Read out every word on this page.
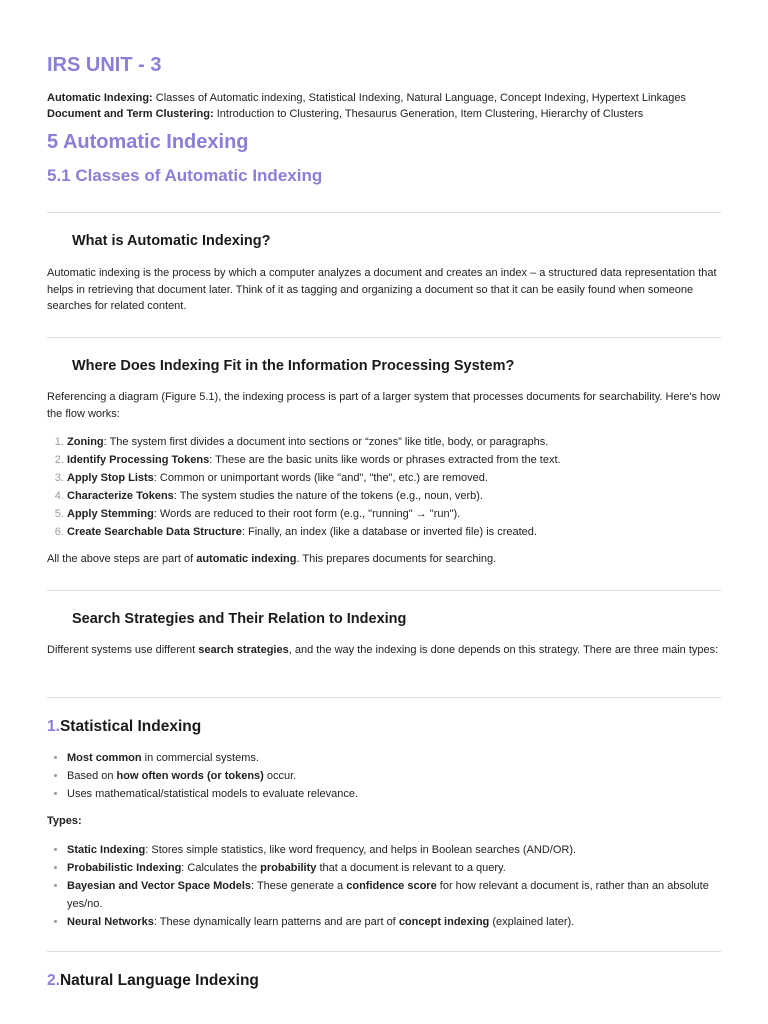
IRS UNIT - 3
Automatic Indexing: Classes of Automatic indexing, Statistical Indexing, Natural Language, Concept Indexing, Hypertext Linkages
Document and Term Clustering: Introduction to Clustering, Thesaurus Generation, Item Clustering, Hierarchy of Clusters
5 Automatic Indexing
5.1 Classes of Automatic Indexing
What is Automatic Indexing?

Automatic indexing is the process by which a computer analyzes a document and creates an index – a structured data representation that helps in retrieving that document later. Think of it as tagging and organizing a document so that it can be easily found when someone searches for related content.

Where Does Indexing Fit in the Information Processing System?

Referencing a diagram (Figure 5.1), the indexing process is part of a larger system that processes documents for searchability. Here's how the flow works:

1. Zoning: The system first divides a document into sections or “zones” like title, body, or paragraphs.
2. Identify Processing Tokens: These are the basic units like words or phrases extracted from the text.
3. Apply Stop Lists: Common or unimportant words (like "and", "the", etc.) are removed.
4. Characterize Tokens: The system studies the nature of the tokens (e.g., noun, verb).
5. Apply Stemming: Words are reduced to their root form (e.g., "running" → "run").
6. Create Searchable Data Structure: Finally, an index (like a database or inverted file) is created.

All the above steps are part of automatic indexing. This prepares documents for searching.

Search Strategies and Their Relation to Indexing

Different systems use different search strategies, and the way the indexing is done depends on this strategy. There are three main types:

1.Statistical Indexing
• Most common in commercial systems.
• Based on how often words (or tokens) occur.
• Uses mathematical/statistical models to evaluate relevance.
Types:
• Static Indexing: Stores simple statistics, like word frequency, and helps in Boolean searches (AND/OR).
• Probabilistic Indexing: Calculates the probability that a document is relevant to a query.
• Bayesian and Vector Space Models: These generate a confidence score for how relevant a document is, rather than an absolute yes/no.
• Neural Networks: These dynamically learn patterns and are part of concept indexing (explained later).
2.Natural Language Indexing
